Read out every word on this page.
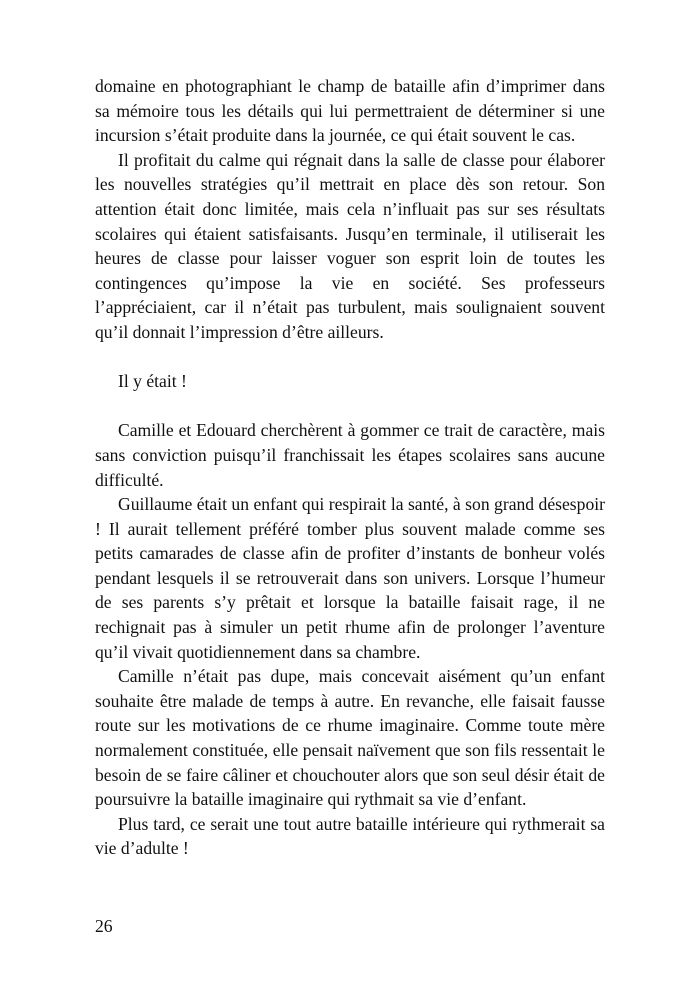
domaine en photographiant le champ de bataille afin d’imprimer dans sa mémoire tous les détails qui lui permettraient de déterminer si une incursion s’était produite dans la journée, ce qui était souvent le cas.

Il profitait du calme qui régnait dans la salle de classe pour élaborer les nouvelles stratégies qu’il mettrait en place dès son retour. Son attention était donc limitée, mais cela n’influait pas sur ses résultats scolaires qui étaient satisfaisants. Jusqu’en terminale, il utiliserait les heures de classe pour laisser voguer son esprit loin de toutes les contingences qu’impose la vie en société. Ses professeurs l’appréciaient, car il n’était pas turbulent, mais soulignaient souvent qu’il donnait l’impression d’être ailleurs.

Il y était !

Camille et Edouard cherchèrent à gommer ce trait de caractère, mais sans conviction puisqu’il franchissait les étapes scolaires sans aucune difficulté.

Guillaume était un enfant qui respirait la santé, à son grand désespoir ! Il aurait tellement préféré tomber plus souvent malade comme ses petits camarades de classe afin de profiter d’instants de bonheur volés pendant lesquels il se retrouverait dans son univers. Lorsque l’humeur de ses parents s’y prêtait et lorsque la bataille faisait rage, il ne rechignait pas à simuler un petit rhume afin de prolonger l’aventure qu’il vivait quotidiennement dans sa chambre.

Camille n’était pas dupe, mais concevait aisément qu’un enfant souhaite être malade de temps à autre. En revanche, elle faisait fausse route sur les motivations de ce rhume imaginaire. Comme toute mère normalement constituée, elle pensait naïvement que son fils ressentait le besoin de se faire câliner et chouchouter alors que son seul désir était de poursuivre la bataille imaginaire qui rythmait sa vie d’enfant.

Plus tard, ce serait une tout autre bataille intérieure qui rythmerait sa vie d’adulte !

26
